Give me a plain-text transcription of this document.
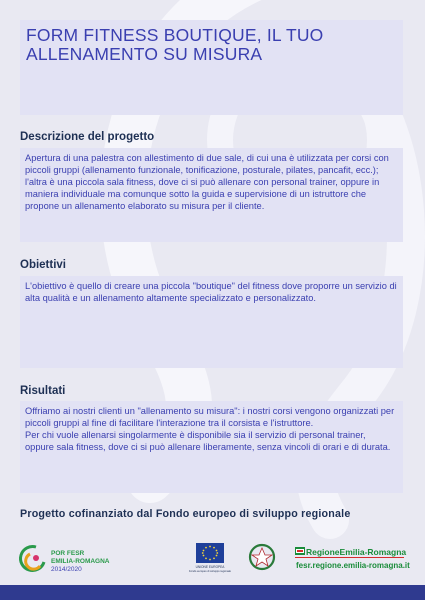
FORM FITNESS BOUTIQUE, IL TUO ALLENAMENTO SU MISURA
Descrizione del progetto
Apertura di una palestra con allestimento di due sale, di cui una è utilizzata per corsi con piccoli gruppi (allenamento funzionale, tonificazione, posturale, pilates, pancafit, ecc.); l'altra è una piccola sala fitness, dove ci si può allenare con personal trainer, oppure in maniera individuale ma comunque sotto la guida e supervisione di un istruttore che propone un allenamento elaborato su misura per il cliente.
Obiettivi
L'obiettivo è quello di creare una piccola "boutique" del fitness dove proporre un servizio di alta qualità e un allenamento altamente specializzato e personalizzato.
Risultati

Offriamo ai nostri clienti un "allenamento su misura": i nostri corsi vengono organizzati per piccoli gruppi al fine di facilitare l'interazione tra il corsista e l'istruttore.

Per chi vuole allenarsi singolarmente è disponibile sia il servizio di personal trainer, oppure sala fitness, dove ci si può allenare liberamente, senza vincoli di orari e di durata.

Progetto cofinanziato dal Fondo europeo di sviluppo regionale
POR FESR
EMILIA-ROMAGNA
2014/2020	UNIONE EUROPEA
Fondo europeo di sviluppo regionale
RegioneEmilia-Romagna
fesr.regione.emilia-romagna.it
